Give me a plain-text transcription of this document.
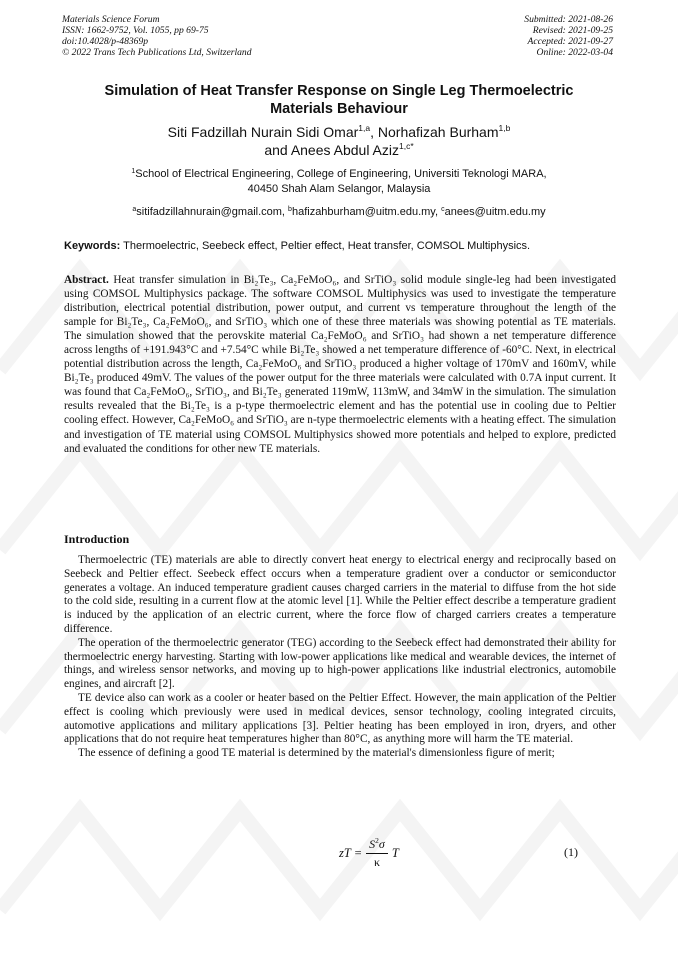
Materials Science Forum
ISSN: 1662-9752, Vol. 1055, pp 69-75
doi:10.4028/p-48369p
© 2022 Trans Tech Publications Ltd, Switzerland
Submitted: 2021-08-26
Revised: 2021-09-25
Accepted: 2021-09-27
Online: 2022-03-04
Simulation of Heat Transfer Response on Single Leg Thermoelectric
Materials Behaviour
Siti Fadzillah Nurain Sidi Omar$^{1,a}$, Norhafizah Burham$^{1,b}$
and Anees Abdul Aziz$^{1,c*}$
$^1$School of Electrical Engineering, College of Engineering, Universiti Teknologi MARA,
40450 Shah Alam Selangor, Malaysia
$^a$sitifadzillahnurain@gmail.com, $^b$hafizahburham@uitm.edu.my, $^c$anees@uitm.edu.my
Keywords: Thermoelectric, Seebeck effect, Peltier effect, Heat transfer, COMSOL Multiphysics.
Abstract. Heat transfer simulation in Bi₂Te₃, Ca₂FeMoO₆, and SrTiO₃ solid module single-leg had been investigated using COMSOL Multiphysics package. The software COMSOL Multiphysics was used to investigate the temperature distribution, electrical potential distribution, power output, and current vs temperature throughout the length of the sample for Bi₂Te₃, Ca₂FeMoO₆, and SrTiO₃ which one of these three materials was showing potential as TE materials. The simulation showed that the perovskite material Ca₂FeMoO₆ and SrTiO₃ had shown a net temperature difference across lengths of +191.943°C and +7.54°C while Bi₂Te₃ showed a net temperature difference of -60°C. Next, in electrical potential distribution across the length, Ca₂FeMoO₆ and SrTiO₃ produced a higher voltage of 170mV and 160mV, while Bi₂Te₃ produced 49mV. The values of the power output for the three materials were calculated with 0.7A input current. It was found that Ca₂FeMoO₆, SrTiO₃, and Bi₂Te₃ generated 119mW, 113mW, and 34mW in the simulation. The simulation results revealed that the Bi₂Te₃ is a p-type thermoelectric element and has the potential use in cooling due to Peltier cooling effect. However, Ca₂FeMoO₆ and SrTiO₃ are n-type thermoelectric elements with a heating effect. The simulation and investigation of TE material using COMSOL Multiphysics showed more potentials and helped to explore, predicted and evaluated the conditions for other new TE materials.
Introduction

Thermoelectric (TE) materials are able to directly convert heat energy to electrical energy and reciprocally based on Seebeck and Peltier effect. Seebeck effect occurs when a temperature gradient over a conductor or semiconductor generates a voltage. An induced temperature gradient causes charged carriers in the material to diffuse from the hot side to the cold side, resulting in a current flow at the atomic level [1]. While the Peltier effect describe a temperature gradient is induced by the application of an electric current, where the force flow of charged carriers creates a temperature difference.

The operation of the thermoelectric generator (TEG) according to the Seebeck effect had demonstrated their ability for thermoelectric energy harvesting. Starting with low-power applications like medical and wearable devices, the internet of things, and wireless sensor networks, and moving up to high-power applications like industrial electronics, automobile engines, and aircraft [2].

TE device also can work as a cooler or heater based on the Peltier Effect. However, the main application of the Peltier effect is cooling which previously were used in medical devices, sensor technology, cooling integrated circuits, automotive applications and military applications [3]. Peltier heating has been employed in iron, dryers, and other applications that do not require heat temperatures higher than 80°C, as anything more will harm the TE material.

The essence of defining a good TE material is determined by the material's dimensionless figure of merit;

zT = $\frac{S^2\sigma}{\kappa}$ T	(1)
